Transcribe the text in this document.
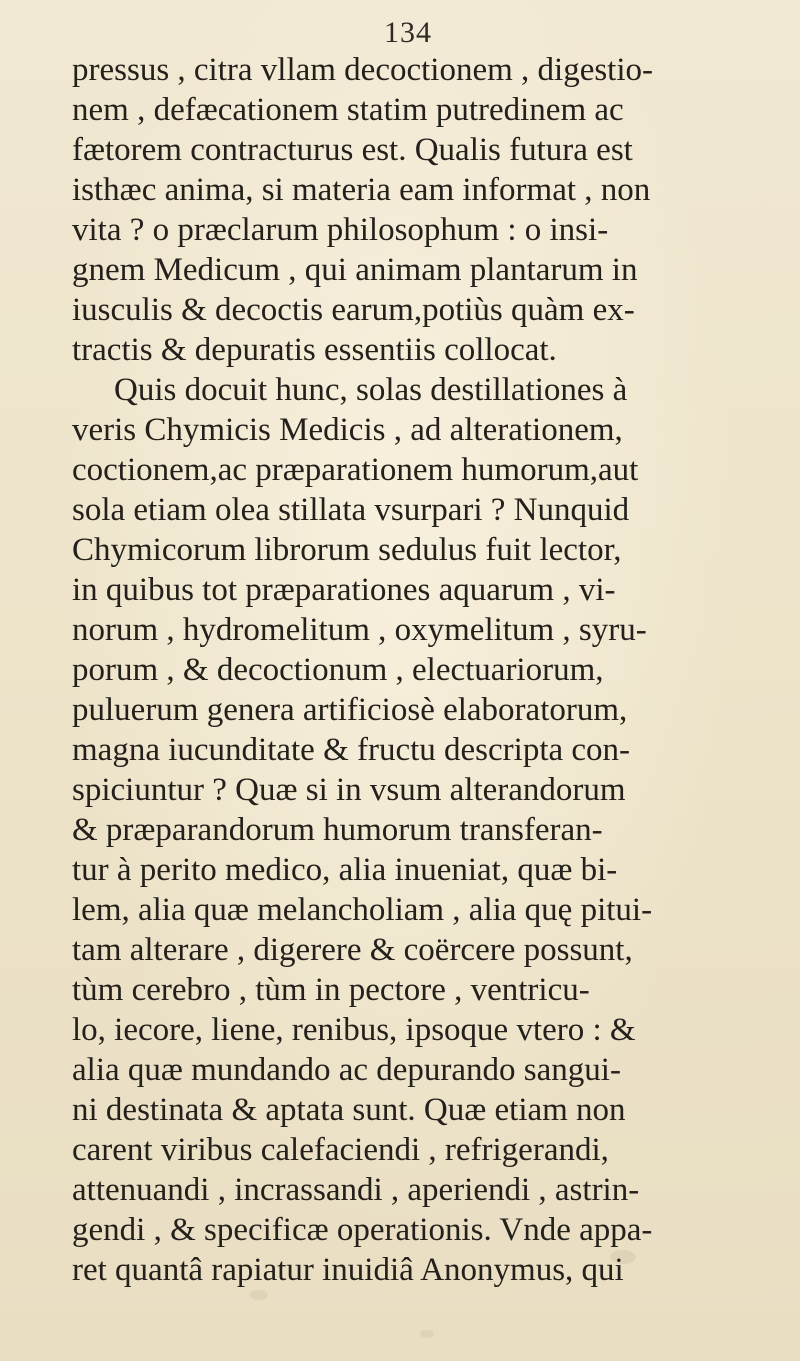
134
pressus , citra vllam decoctionem , digestio-
nem , defæcationem statim putredinem ac
fætorem contracturus est. Qualis futura est
isthæc anima, si materia eam informat , non
vita ? o præclarum philosophum : o insi-
gnem Medicum , qui animam plantarum in
iusculis & decoctis earum,potiùs quàm ex-
tractis & depuratis essentiis collocat.
Quis docuit hunc, solas destillationes à
veris Chymicis Medicis , ad alterationem,
coctionem,ac præparationem humorum,aut
sola etiam olea stillata vsurpari ? Nunquid
Chymicorum librorum sedulus fuit lector,
in quibus tot præparationes aquarum , vi-
norum , hydromelitum , oxymelitum , syru-
porum , & decoctionum , electuariorum,
puluerum genera artificiosè elaboratorum,
magna iucunditate & fructu descripta con-
spiciuntur ? Quæ si in vsum alterandorum
& præparandorum humorum transferan-
tur à perito medico, alia inueniat, quæ bi-
lem, alia quæ melancholiam , alia quę pitui-
tam alterare , digerere & coërcere possunt,
tùm cerebro , tùm in pectore , ventricu-
lo, iecore, liene, renibus, ipsoque vtero : &
alia quæ mundando ac depurando sangui-
ni destinata & aptata sunt. Quæ etiam non
carent viribus calefaciendi , refrigerandi,
attenuandi , incrassandi , aperiendi , astrin-
gendi , & specificæ operationis. Vnde appa-
ret quantâ rapiatur inuidiâ Anonymus, qui
